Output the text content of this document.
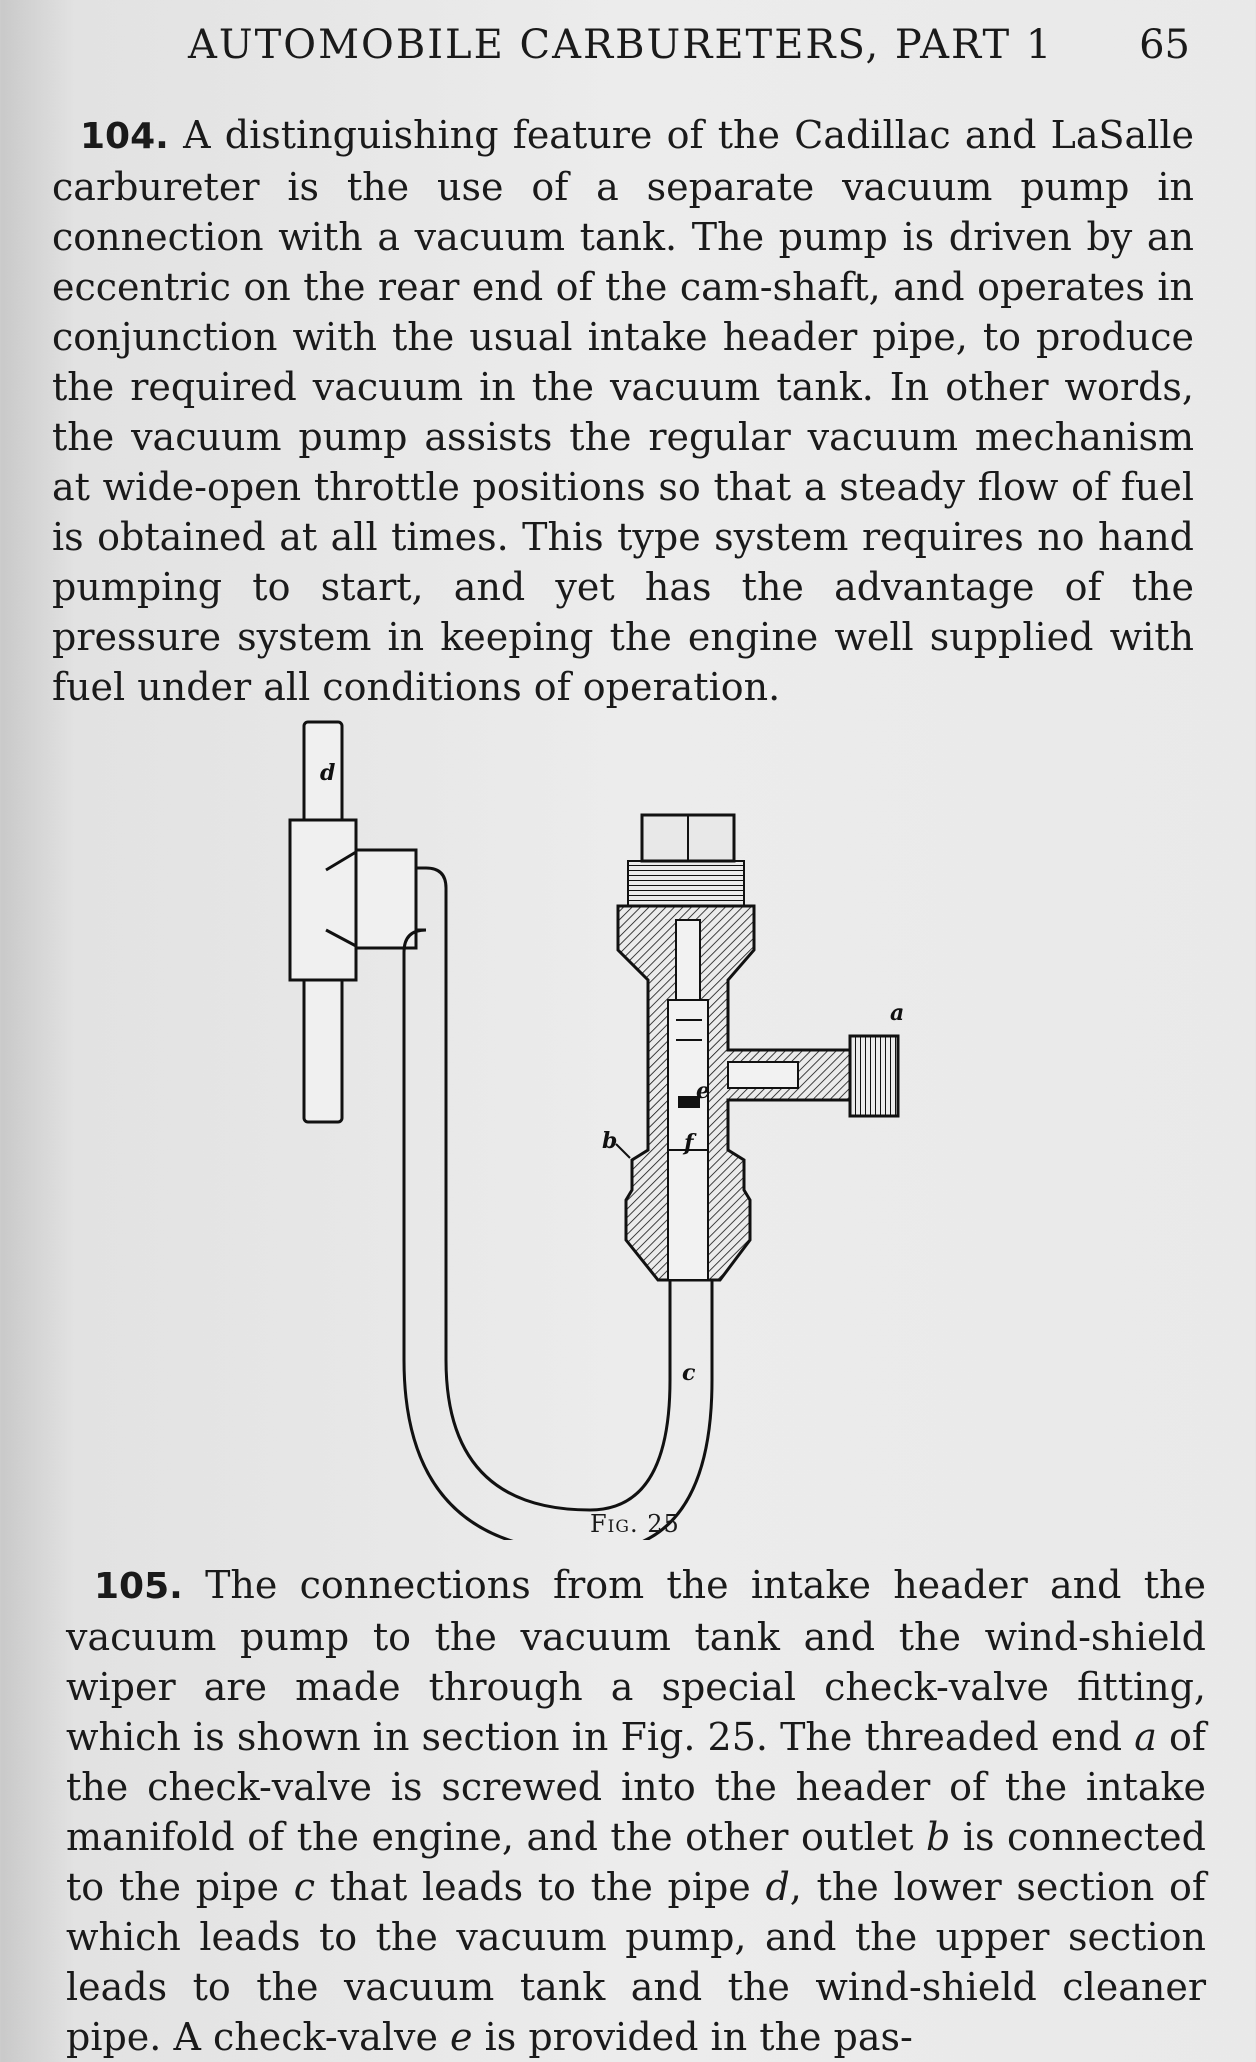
AUTOMOBILE CARBURETERS, PART 1 65

104. A distinguishing feature of the Cadillac and LaSalle carbureter is the use of a separate vacuum pump in connection with a vacuum tank. The pump is driven by an eccentric on the rear end of the cam-shaft, and operates in conjunction with the usual intake header pipe, to produce the required vacuum in the vacuum tank. In other words, the vacuum pump assists the regular vacuum mechanism at wide-open throttle positions so that a steady flow of fuel is obtained at all times. This type system requires no hand pumping to start, and yet has the advantage of the pressure system in keeping the engine well supplied with fuel under all conditions of operation.

d
a
b
e
f
c
Fig. 25

105. The connections from the intake header and the vacuum pump to the vacuum tank and the wind-shield wiper are made through a special check-valve fitting, which is shown in section in Fig. 25. The threaded end a of the check-valve is screwed into the header of the intake manifold of the engine, and the other outlet b is connected to the pipe c that leads to the pipe d, the lower section of which leads to the vacuum pump, and the upper section leads to the vacuum tank and the wind-shield cleaner pipe. A check-valve e is provided in the pas-
